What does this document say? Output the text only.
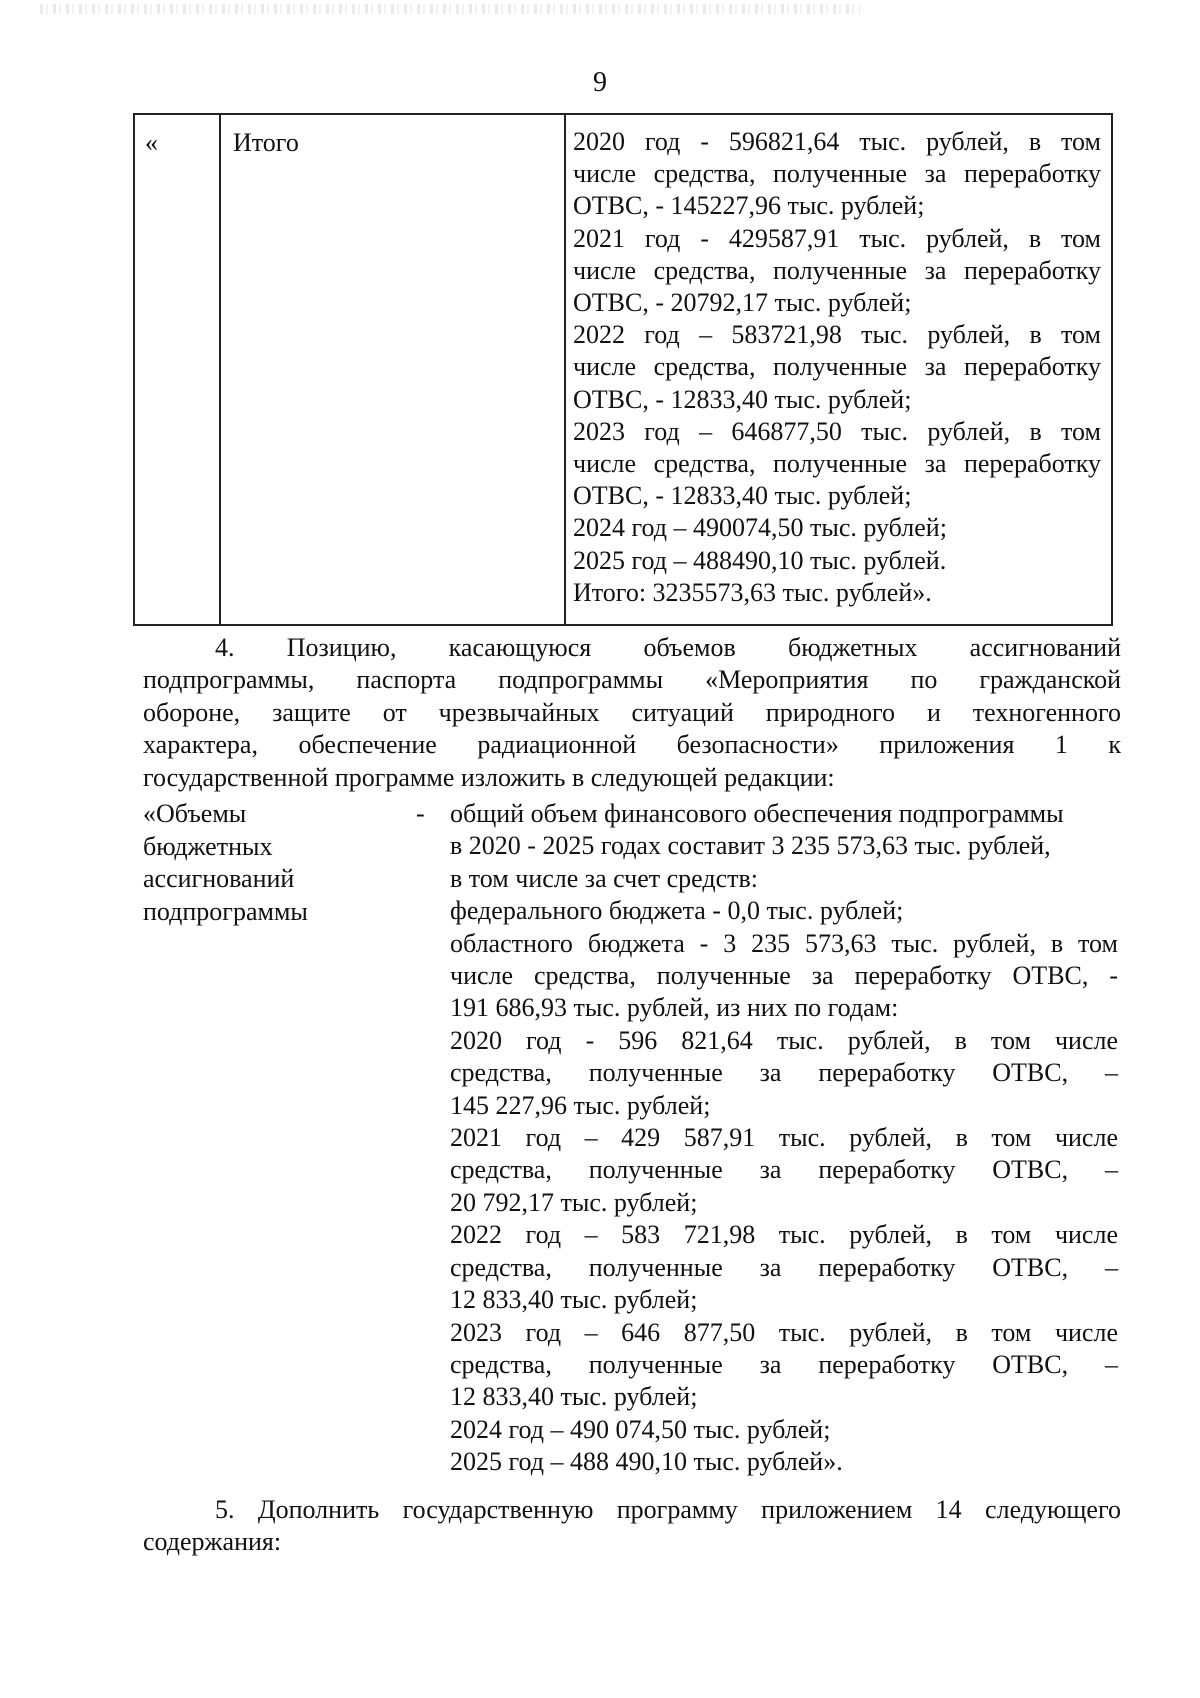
9
«	Итого	2020 год - 596821,64 тыс. рублей, в том
числе средства, полученные за переработку
ОТВС, - 145227,96 тыс. рублей;
2021 год - 429587,91 тыс. рублей, в том
числе средства, полученные за переработку
ОТВС, - 20792,17 тыс. рублей;
2022 год – 583721,98 тыс. рублей, в том
числе средства, полученные за переработку
ОТВС, - 12833,40 тыс. рублей;
2023 год – 646877,50 тыс. рублей, в том
числе средства, полученные за переработку
ОТВС, - 12833,40 тыс. рублей;
2024 год – 490074,50 тыс. рублей;
2025 год – 488490,10 тыс. рублей.
Итого: 3235573,63 тыс. рублей».
4. Позицию, касающуюся объемов бюджетных ассигнований
подпрограммы, паспорта подпрограммы «Мероприятия по гражданской
обороне, защите от чрезвычайных ситуаций природного и техногенного
характера, обеспечение радиационной безопасности» приложения 1 к
государственной программе изложить в следующей редакции:
«Объемы
бюджетных
ассигнований
подпрограммы
- общий объем финансового обеспечения подпрограммы
в 2020 - 2025 годах составит 3 235 573,63 тыс. рублей,
в том числе за счет средств:
федерального бюджета - 0,0 тыс. рублей;
областного бюджета - 3 235 573,63 тыс. рублей, в том
числе средства, полученные за переработку ОТВС, -
191 686,93 тыс. рублей, из них по годам:
2020 год - 596 821,64 тыс. рублей, в том числе
средства, полученные за переработку ОТВС, –
145 227,96 тыс. рублей;
2021 год – 429 587,91 тыс. рублей, в том числе
средства, полученные за переработку ОТВС, –
20 792,17 тыс. рублей;
2022 год – 583 721,98 тыс. рублей, в том числе
средства, полученные за переработку ОТВС, –
12 833,40 тыс. рублей;
2023 год – 646 877,50 тыс. рублей, в том числе
средства, полученные за переработку ОТВС, –
12 833,40 тыс. рублей;
2024 год – 490 074,50 тыс. рублей;
2025 год – 488 490,10 тыс. рублей».
5. Дополнить государственную программу приложением 14 следующего
содержания:
